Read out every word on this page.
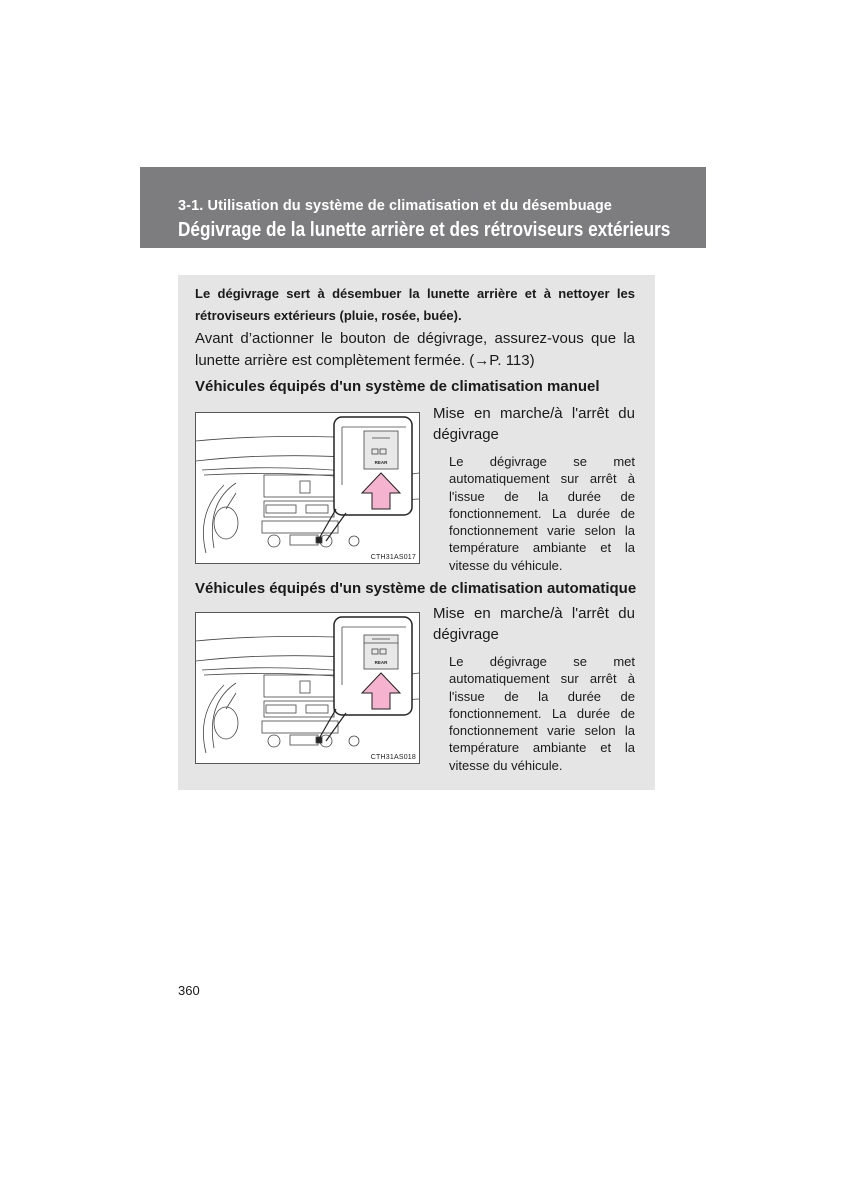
3-1. Utilisation du système de climatisation et du désembuage
Dégivrage de la lunette arrière et des rétroviseurs extérieurs
Le dégivrage sert à désembuer la lunette arrière et à nettoyer les rétroviseurs extérieurs (pluie, rosée, buée).
Avant d’actionner le bouton de dégivrage, assurez-vous que la lunette arrière est complètement fermée. (→P. 113)
Véhicules équipés d'un système de climatisation manuel
REAR
CTH31AS017
Mise en marche/à l'arrêt du dégivrage
Le dégivrage se met automatiquement sur arrêt à l'issue de la durée de fonctionnement. La durée de fonctionnement varie selon la température ambiante et la vitesse du véhicule.
Véhicules équipés d'un système de climatisation automatique
REAR
CTH31AS018
Mise en marche/à l'arrêt du dégivrage
Le dégivrage se met automatiquement sur arrêt à l'issue de la durée de fonctionnement. La durée de fonctionnement varie selon la température ambiante et la vitesse du véhicule.
360
